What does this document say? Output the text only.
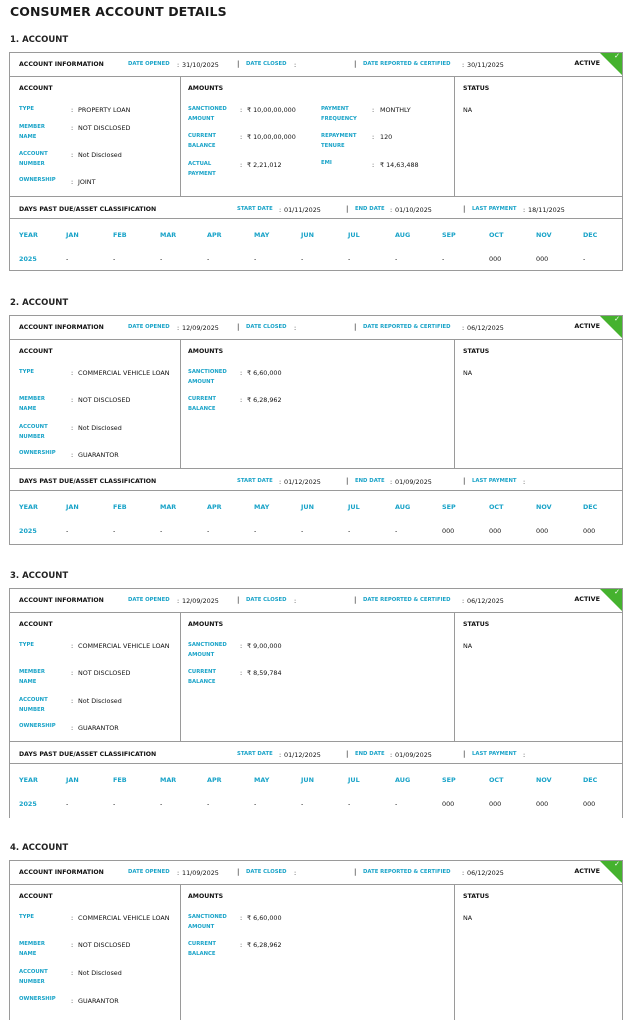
CONSUMER ACCOUNT DETAILS
1. ACCOUNT
ACCOUNT INFORMATION	DATE OPENED : 31/10/2025	| DATE CLOSED :	| DATE REPORTED & CERTIFIED : 30/11/2025	ACTIVE
✓
ACCOUNT	AMOUNTS	STATUS
TYPE	: PROPERTY LOAN
MEMBER NAME
: NOT DISCLOSED
ACCOUNT NUMBER
: Not Disclosed
OWNERSHIP : JOINT
SANCTIONED AMOUNT
: ₹ 10,00,00,000
CURRENT BALANCE
: ₹ 10,00,00,000
ACTUAL PAYMENT
: ₹ 2,21,012
PAYMENT FREQUENCY
: MONTHLY
REPAYMENT TENURE
: 120
EMI	: ₹ 14,63,488
NA
DAYS PAST DUE/ASSET CLASSIFICATION	START DATE : 01/11/2025	| END DATE : 01/10/2025	| LAST PAYMENT : 18/11/2025
YEAR	JAN	FEB	MAR	APR	MAY	JUN	JUL	AUG	SEP	OCT	NOV	DEC
2025	-	-	-	-	-	-	-	-	-	000	000	-
2. ACCOUNT
ACCOUNT INFORMATION	DATE OPENED : 12/09/2025	| DATE CLOSED :	| DATE REPORTED & CERTIFIED : 06/12/2025	ACTIVE
✓
ACCOUNT	AMOUNTS	STATUS
TYPE	: COMMERCIAL VEHICLE LOAN
MEMBER NAME
: NOT DISCLOSED
ACCOUNT NUMBER
: Not Disclosed
OWNERSHIP : GUARANTOR
SANCTIONED AMOUNT
: ₹ 6,60,000
CURRENT BALANCE
: ₹ 6,28,962
NA
DAYS PAST DUE/ASSET CLASSIFICATION	START DATE : 01/12/2025	| END DATE : 01/09/2025	| LAST PAYMENT :
YEAR	JAN	FEB	MAR	APR	MAY	JUN	JUL	AUG	SEP	OCT	NOV	DEC
2025	-	-	-	-	-	-	-	-	000	000	000	000
3. ACCOUNT
ACCOUNT INFORMATION	DATE OPENED : 12/09/2025	| DATE CLOSED :	| DATE REPORTED & CERTIFIED : 06/12/2025	ACTIVE
✓
ACCOUNT	AMOUNTS	STATUS
TYPE	: COMMERCIAL VEHICLE LOAN
MEMBER NAME
: NOT DISCLOSED
ACCOUNT NUMBER
: Not Disclosed
OWNERSHIP : GUARANTOR
SANCTIONED AMOUNT
: ₹ 9,00,000
CURRENT BALANCE
: ₹ 8,59,784
NA
DAYS PAST DUE/ASSET CLASSIFICATION	START DATE : 01/12/2025	| END DATE : 01/09/2025	| LAST PAYMENT :
YEAR	JAN	FEB	MAR	APR	MAY	JUN	JUL	AUG	SEP	OCT	NOV	DEC
2025	-	-	-	-	-	-	-	-	000	000	000	000
4. ACCOUNT
ACCOUNT INFORMATION	DATE OPENED : 11/09/2025	| DATE CLOSED :	| DATE REPORTED & CERTIFIED : 06/12/2025	ACTIVE
✓
ACCOUNT	AMOUNTS	STATUS
TYPE	: COMMERCIAL VEHICLE LOAN
MEMBER NAME
: NOT DISCLOSED
ACCOUNT NUMBER
: Not Disclosed
OWNERSHIP : GUARANTOR
SANCTIONED AMOUNT
: ₹ 6,60,000
CURRENT BALANCE
: ₹ 6,28,962
NA
